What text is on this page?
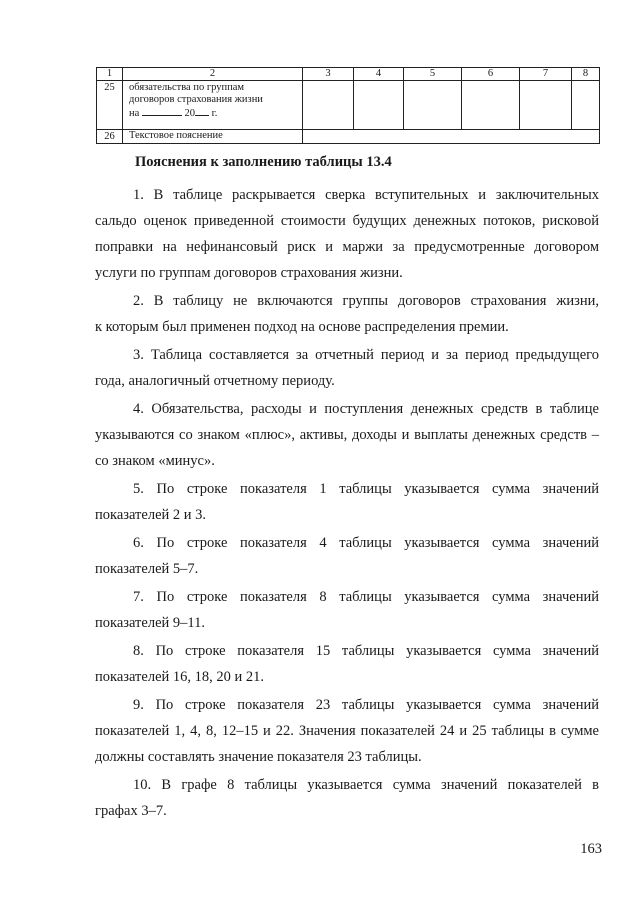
1	2	3	4	5	6	7	8
25	обязательства по группам
договоров страхования жизни
на 20 г.						

26	Текстовое пояснение						
Пояснения к заполнению таблицы 13.4

1. В таблице раскрывается сверка вступительных и заключительных
сальдо оценок приведенной стоимости будущих денежных потоков, рисковой
поправки на нефинансовый риск и маржи за предусмотренные договором
услуги по группам договоров страхования жизни.

2. В таблицу не включаются группы договоров страхования жизни,
к которым был применен подход на основе распределения премии.

3. Таблица составляется за отчетный период и за период предыдущего
года, аналогичный отчетному периоду.

4. Обязательства, расходы и поступления денежных средств в таблице
указываются со знаком «плюс», активы, доходы и выплаты денежных средств –
со знаком «минус».

5. По строке показателя 1 таблицы указывается сумма значений
показателей 2 и 3.

6. По строке показателя 4 таблицы указывается сумма значений
показателей 5–7.

7. По строке показателя 8 таблицы указывается сумма значений
показателей 9–11.

8. По строке показателя 15 таблицы указывается сумма значений
показателей 16, 18, 20 и 21.

9. По строке показателя 23 таблицы указывается сумма значений
показателей 1, 4, 8, 12–15 и 22. Значения показателей 24 и 25 таблицы в сумме
должны составлять значение показателя 23 таблицы.

10. В графе 8 таблицы указывается сумма значений показателей в
графах 3–7.

163
